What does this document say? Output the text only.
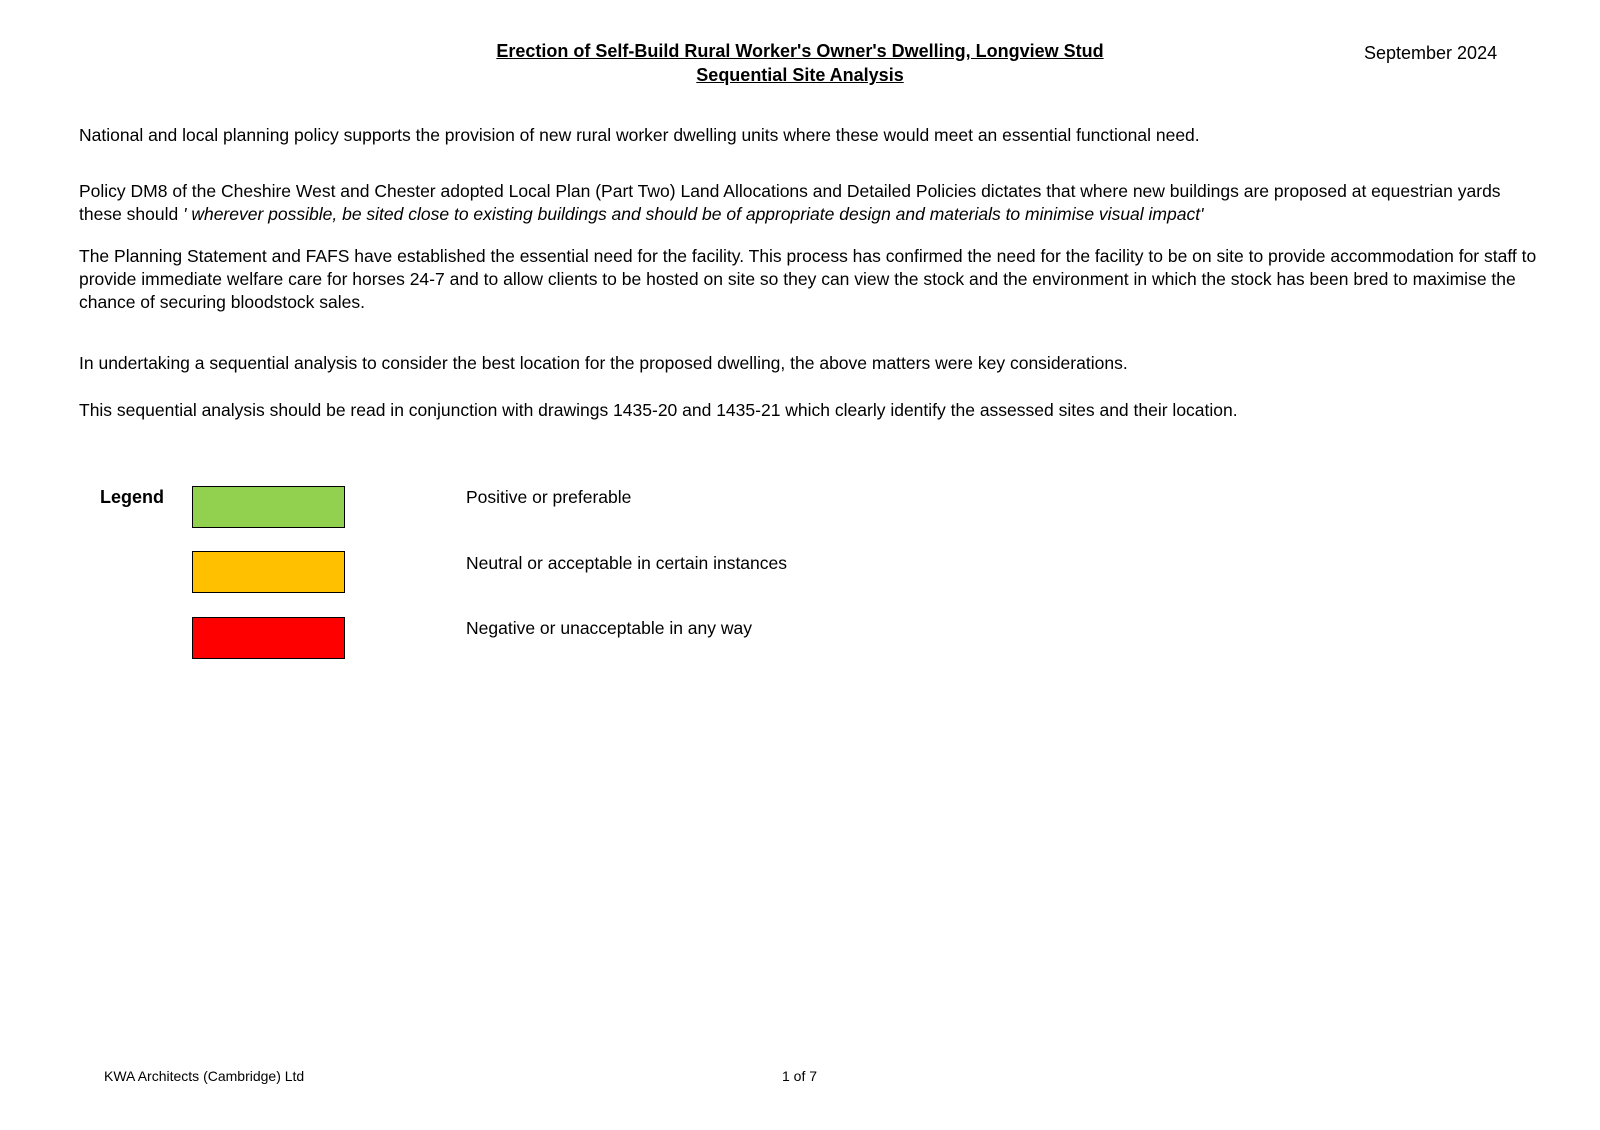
Erection of Self-Build Rural Worker's Owner's Dwelling, Longview Stud
Sequential Site Analysis
September 2024
National and local planning policy supports the provision of new rural worker dwelling units where these would meet an essential functional need.
Policy DM8 of the Cheshire West and Chester adopted Local Plan (Part Two) Land Allocations and Detailed Policies dictates that where new buildings are proposed at equestrian yards these should ' wherever possible, be sited close to existing buildings and should be of appropriate design and materials to minimise visual impact'
The Planning Statement and FAFS have established the essential need for the facility. This process has confirmed the need for the facility to be on site to provide accommodation for staff to provide immediate welfare care for horses 24-7 and to allow clients to be hosted on site so they can view the stock and the environment in which the stock has been bred to maximise the chance of securing bloodstock sales.
In undertaking a sequential analysis to consider the best location for the proposed dwelling, the above matters were key considerations.
This sequential analysis should be read in conjunction with drawings 1435-20 and 1435-21 which clearly identify the assessed sites and their location.
Legend	Positive or preferable
Neutral or acceptable in certain instances
Negative or unacceptable in any way
KWA Architects (Cambridge) Ltd	1 of 7
